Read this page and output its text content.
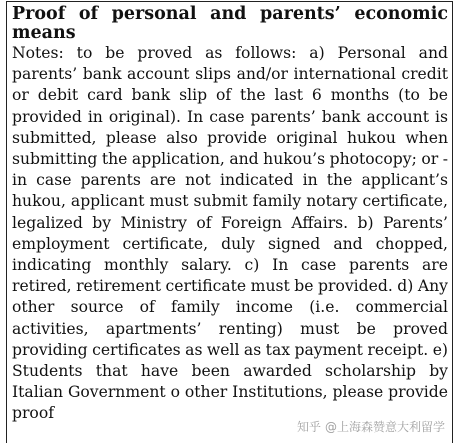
Proof of personal and parents’ economic

means

Notes: to be proved as follows: a) Personal and parents’ bank account slips and/or international credit or debit card bank slip of the last 6 months (to be provided in original). In case parents’ bank account is submitted, please also provide original hukou when submitting the application, and hukou’s photocopy; or - in case parents are not indicated in the applicant’s hukou, applicant must submit family notary certificate, legalized by Ministry of Foreign Affairs. b) Parents’ employment certificate, duly signed and chopped, indicating monthly salary. c) In case parents are retired, retirement certificate must be provided. d) Any other source of family income (i.e. commercial activities, apartments’ renting) must be proved providing certificates as well as tax payment receipt. e) Students that have been awarded scholarship by Italian Government o other Institutions, please provide proof

知乎 @上海森赞意大利留学
